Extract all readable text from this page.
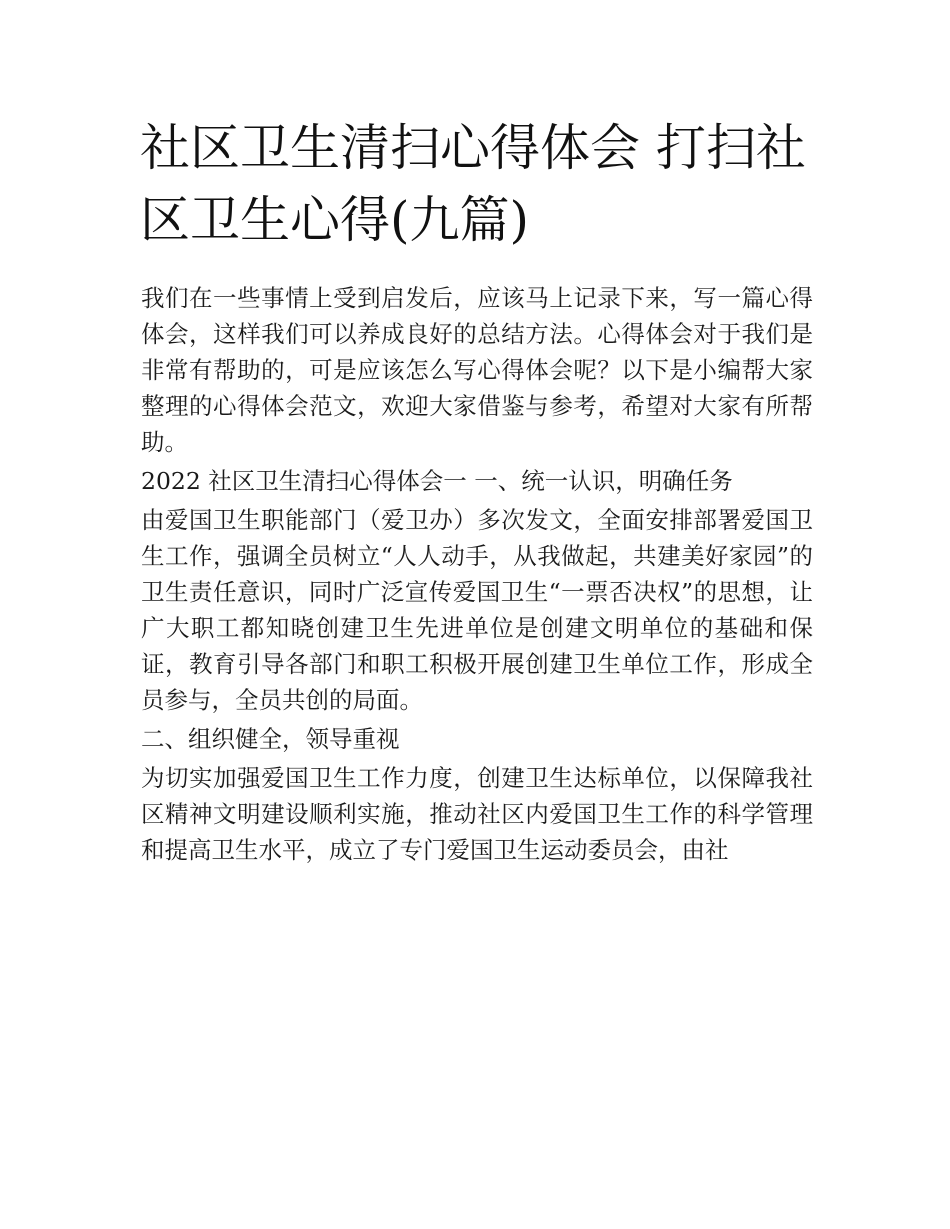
社区卫生清扫心得体会 打扫社区卫生心得(九篇)

我们在一些事情上受到启发后，应该马上记录下来，写一篇心得体会，这样我们可以养成良好的总结方法。心得体会对于我们是非常有帮助的，可是应该怎么写心得体会呢？以下是小编帮大家整理的心得体会范文，欢迎大家借鉴与参考，希望对大家有所帮助。

2022 社区卫生清扫心得体会一 一、统一认识，明确任务

由爱国卫生职能部门（爱卫办）多次发文，全面安排部署爱国卫生工作，强调全员树立“人人动手，从我做起，共建美好家园”的卫生责任意识，同时广泛宣传爱国卫生“一票否决权”的思想，让广大职工都知晓创建卫生先进单位是创建文明单位的基础和保证，教育引导各部门和职工积极开展创建卫生单位工作，形成全员参与，全员共创的局面。

二、组织健全，领导重视

为切实加强爱国卫生工作力度，创建卫生达标单位，以保障我社区精神文明建设顺利实施，推动社区内爱国卫生工作的科学管理和提高卫生水平，成立了专门爱国卫生运动委员会，由社
